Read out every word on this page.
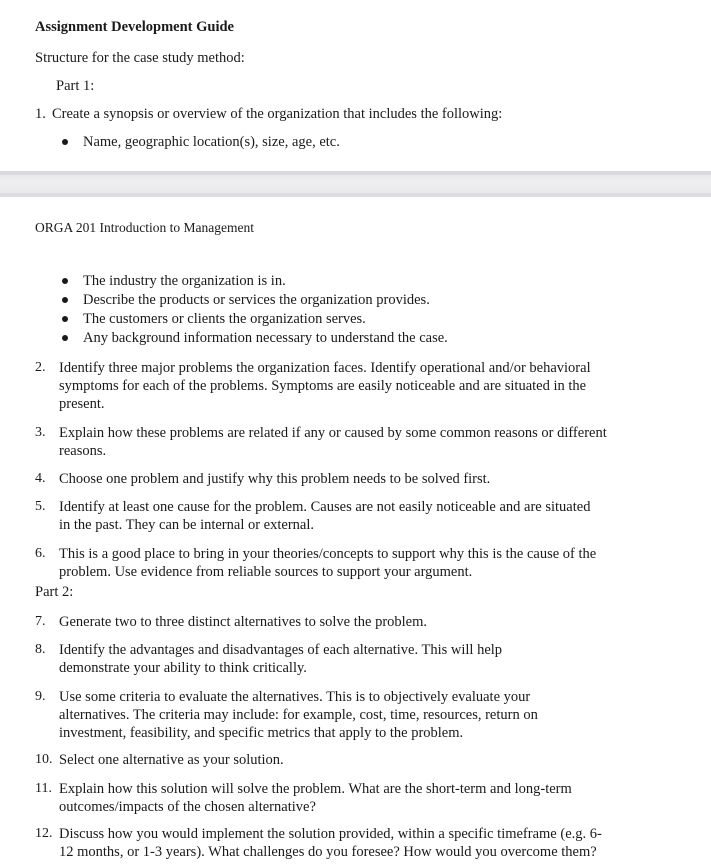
Assignment Development Guide
Structure for the case study method:
Part 1:
1. Create a synopsis or overview of the organization that includes the following:
Name, geographic location(s), size, age, etc.
ORGA 201 Introduction to Management
The industry the organization is in.
Describe the products or services the organization provides.
The customers or clients the organization serves.
Any background information necessary to understand the case.
2. Identify three major problems the organization faces. Identify operational and/or behavioral
symptoms for each of the problems. Symptoms are easily noticeable and are situated in the
present.
3. Explain how these problems are related if any or caused by some common reasons or different
reasons.
4. Choose one problem and justify why this problem needs to be solved first.
5. Identify at least one cause for the problem. Causes are not easily noticeable and are situated
in the past. They can be internal or external.
6. This is a good place to bring in your theories/concepts to support why this is the cause of the
problem. Use evidence from reliable sources to support your argument.
Part 2:
7. Generate two to three distinct alternatives to solve the problem.
8. Identify the advantages and disadvantages of each alternative. This will help
demonstrate your ability to think critically.
9. Use some criteria to evaluate the alternatives. This is to objectively evaluate your
alternatives. The criteria may include: for example, cost, time, resources, return on
investment, feasibility, and specific metrics that apply to the problem.
10. Select one alternative as your solution.
11. Explain how this solution will solve the problem. What are the short-term and long-term
outcomes/impacts of the chosen alternative?
12. Discuss how you would implement the solution provided, within a specific timeframe (e.g. 6-
12 months, or 1-3 years). What challenges do you foresee? How would you overcome them?
